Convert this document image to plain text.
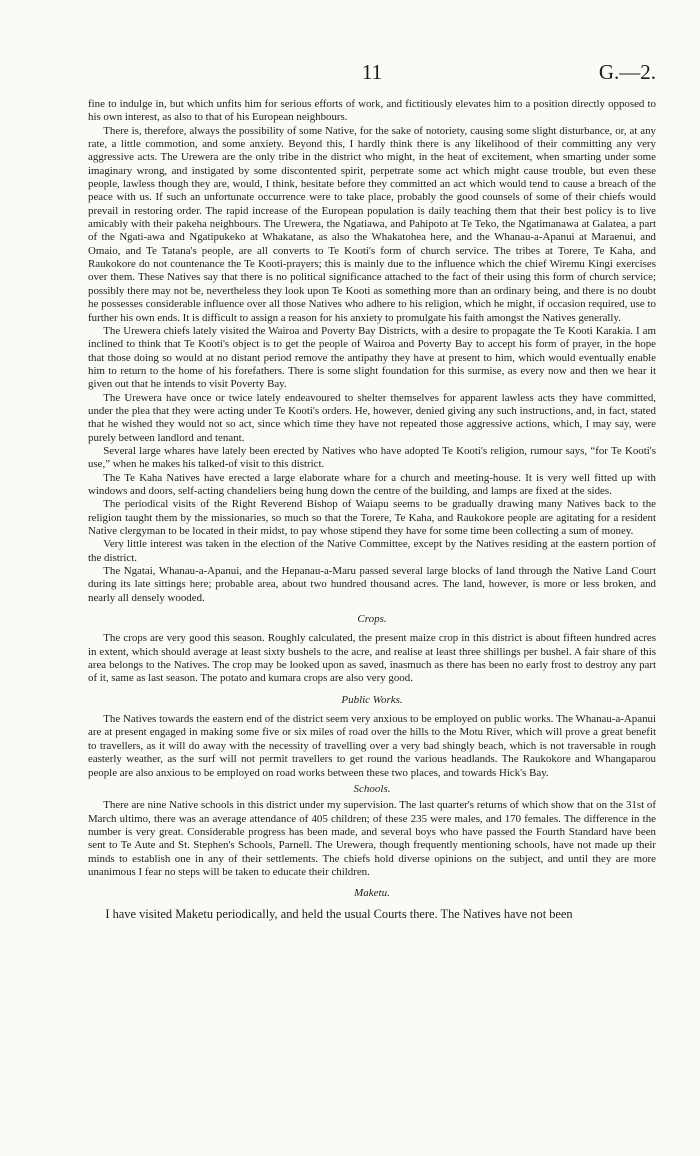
11	G.—2.

fine to indulge in, but which unfits him for serious efforts of work, and fictitiously elevates him to a position directly opposed to his own interest, as also to that of his European neighbours.

There is, therefore, always the possibility of some Native, for the sake of notoriety, causing some slight disturbance, or, at any rate, a little commotion, and some anxiety. Beyond this, I hardly think there is any likelihood of their committing any very aggressive acts. The Urewera are the only tribe in the district who might, in the heat of excitement, when smarting under some imaginary wrong, and instigated by some discontented spirit, perpetrate some act which might cause trouble, but even these people, lawless though they are, would, I think, hesitate before they committed an act which would tend to cause a breach of the peace with us. If such an unfortunate occurrence were to take place, probably the good counsels of some of their chiefs would prevail in restoring order. The rapid increase of the European population is daily teaching them that their best policy is to live amicably with their pakeha neighbours. The Urewera, the Ngatiawa, and Pahipoto at Te Teko, the Ngatimanawa at Galatea, a part of the Ngati-awa and Ngatipukeko at Whakatane, as also the Whakatohea here, and the Whanau-a-Apanui at Maraenui, and Omaio, and Te Tatana's people, are all converts to Te Kooti's form of church service. The tribes at Torere, Te Kaha, and Raukokore do not countenance the Te Kooti-prayers; this is mainly due to the influence which the chief Wiremu Kingi exercises over them. These Natives say that there is no political significance attached to the fact of their using this form of church service; possibly there may not be, nevertheless they look upon Te Kooti as something more than an ordinary being, and there is no doubt he possesses considerable influence over all those Natives who adhere to his religion, which he might, if occasion required, use to further his own ends. It is difficult to assign a reason for his anxiety to promulgate his faith amongst the Natives generally.

The Urewera chiefs lately visited the Wairoa and Poverty Bay Districts, with a desire to propagate the Te Kooti Karakia. I am inclined to think that Te Kooti's object is to get the people of Wairoa and Poverty Bay to accept his form of prayer, in the hope that those doing so would at no distant period remove the antipathy they have at present to him, which would eventually enable him to return to the home of his forefathers. There is some slight foundation for this surmise, as every now and then we hear it given out that he intends to visit Poverty Bay.

The Urewera have once or twice lately endeavoured to shelter themselves for apparent lawless acts they have committed, under the plea that they were acting under Te Kooti's orders. He, however, denied giving any such instructions, and, in fact, stated that he wished they would not so act, since which time they have not repeated those aggressive actions, which, I may say, were purely between landlord and tenant.

Several large whares have lately been erected by Natives who have adopted Te Kooti's religion, rumour says, “for Te Kooti's use,” when he makes his talked-of visit to this district.

The Te Kaha Natives have erected a large elaborate whare for a church and meeting-house. It is very well fitted up with windows and doors, self-acting chandeliers being hung down the centre of the building, and lamps are fixed at the sides.

The periodical visits of the Right Reverend Bishop of Waiapu seems to be gradually drawing many Natives back to the religion taught them by the missionaries, so much so that the Torere, Te Kaha, and Raukokore people are agitating for a resident Native clergyman to be located in their midst, to pay whose stipend they have for some time been collecting a sum of money.

Very little interest was taken in the election of the Native Committee, except by the Natives residing at the eastern portion of the district.

The Ngatai, Whanau-a-Apanui, and the Hepanau-a-Maru passed several large blocks of land through the Native Land Court during its late sittings here; probable area, about two hundred thousand acres. The land, however, is more or less broken, and nearly all densely wooded.

Crops.

The crops are very good this season. Roughly calculated, the present maize crop in this district is about fifteen hundred acres in extent, which should average at least sixty bushels to the acre, and realise at least three shillings per bushel. A fair share of this area belongs to the Natives. The crop may be looked upon as saved, inasmuch as there has been no early frost to destroy any part of it, same as last season. The potato and kumara crops are also very good.

Public Works.

The Natives towards the eastern end of the district seem very anxious to be employed on public works. The Whanau-a-Apanui are at present engaged in making some five or six miles of road over the hills to the Motu River, which will prove a great benefit to travellers, as it will do away with the necessity of travelling over a very bad shingly beach, which is not traversable in rough easterly weather, as the surf will not permit travellers to get round the various headlands. The Raukokore and Whangaparou people are also anxious to be employed on road works between these two places, and towards Hick's Bay.

Schools.

There are nine Native schools in this district under my supervision. The last quarter's returns of which show that on the 31st of March ultimo, there was an average attendance of 405 children; of these 235 were males, and 170 females. The difference in the number is very great. Considerable progress has been made, and several boys who have passed the Fourth Standard have been sent to Te Aute and St. Stephen's Schools, Parnell. The Urewera, though frequently mentioning schools, have not made up their minds to establish one in any of their settlements. The chiefs hold diverse opinions on the subject, and until they are more unanimous I fear no steps will be taken to educate their children.

Maketu.

I have visited Maketu periodically, and held the usual Courts there. The Natives have not been
